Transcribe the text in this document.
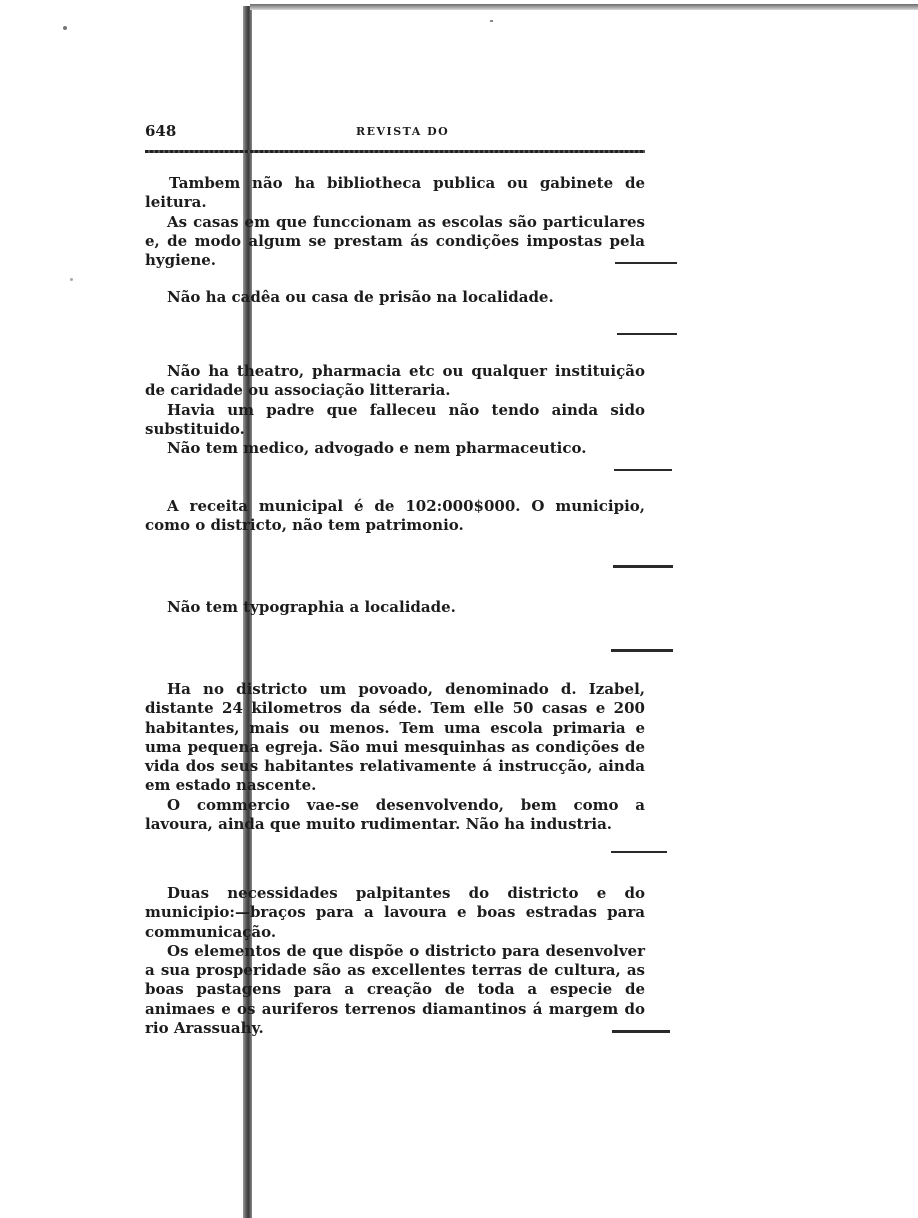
648	REVISTA DO

Tambem não ha bibliotheca publica ou gabinete de leitura.

As casas em que funccionam as escolas são particulares e, de modo algum se prestam ás condições impostas pela hygiene.

Não ha cadêa ou casa de prisão na localidade.

Não ha theatro, pharmacia etc ou qualquer instituição de caridade ou associação litteraria.

Havia um padre que falleceu não tendo ainda sido substituido.

Não tem medico, advogado e nem pharmaceutico.

A receita municipal é de 102:000$000. O municipio, como o districto, não tem patrimonio.

Não tem typographia a localidade.

Ha no districto um povoado, denominado d. Izabel, distante 24 kilometros da séde. Tem elle 50 casas e 200 habitantes, mais ou menos. Tem uma escola primaria e uma pequena egreja. São mui mesquinhas as condições de vida dos seus habitantes relativamente á instrucção, ainda em estado nascente.

O commercio vae-se desenvolvendo, bem como a lavoura, ainda que muito rudimentar. Não ha industria.

Duas necessidades palpitantes do districto e do municipio:—braços para a lavoura e boas estradas para communicação.

Os elementos de que dispõe o districto para desenvolver a sua prosperidade são as excellentes terras de cultura, as boas pastagens para a creação de toda a especie de animaes e os auriferos terrenos diamantinos á margem do rio Arassuahy.
